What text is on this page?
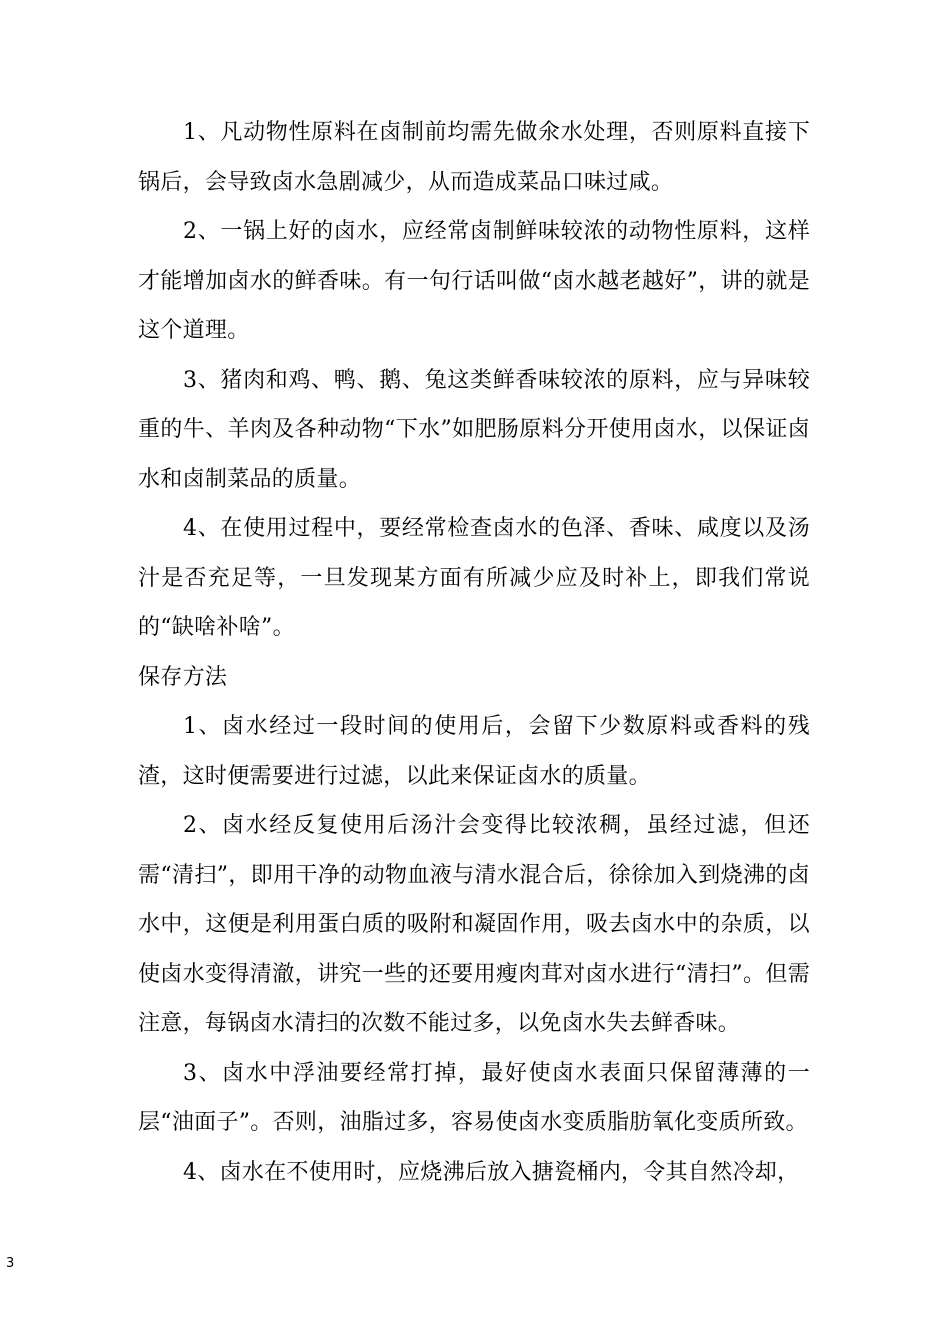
1、凡动物性原料在卤制前均需先做氽水处理，否则原料直接下锅后，会导致卤水急剧减少，从而造成菜品口味过咸。

2、一锅上好的卤水，应经常卤制鲜味较浓的动物性原料，这样才能增加卤水的鲜香味。有一句行话叫做“卤水越老越好”，讲的就是这个道理。

3、猪肉和鸡、鸭、鹅、兔这类鲜香味较浓的原料，应与异味较重的牛、羊肉及各种动物“下水”如肥肠原料分开使用卤水，以保证卤水和卤制菜品的质量。

4、在使用过程中，要经常检查卤水的色泽、香味、咸度以及汤汁是否充足等，一旦发现某方面有所减少应及时补上，即我们常说的“缺啥补啥”。

保存方法

1、卤水经过一段时间的使用后，会留下少数原料或香料的残渣，这时便需要进行过滤，以此来保证卤水的质量。

2、卤水经反复使用后汤汁会变得比较浓稠，虽经过滤，但还需“清扫”，即用干净的动物血液与清水混合后，徐徐加入到烧沸的卤水中，这便是利用蛋白质的吸附和凝固作用，吸去卤水中的杂质，以使卤水变得清澈，讲究一些的还要用瘦肉茸对卤水进行“清扫”。但需注意，每锅卤水清扫的次数不能过多，以免卤水失去鲜香味。

3、卤水中浮油要经常打掉，最好使卤水表面只保留薄薄的一层“油面子”。否则，油脂过多，容易使卤水变质脂肪氧化变质所致。

4、卤水在不使用时，应烧沸后放入搪瓷桶内，令其自然冷却，

3
